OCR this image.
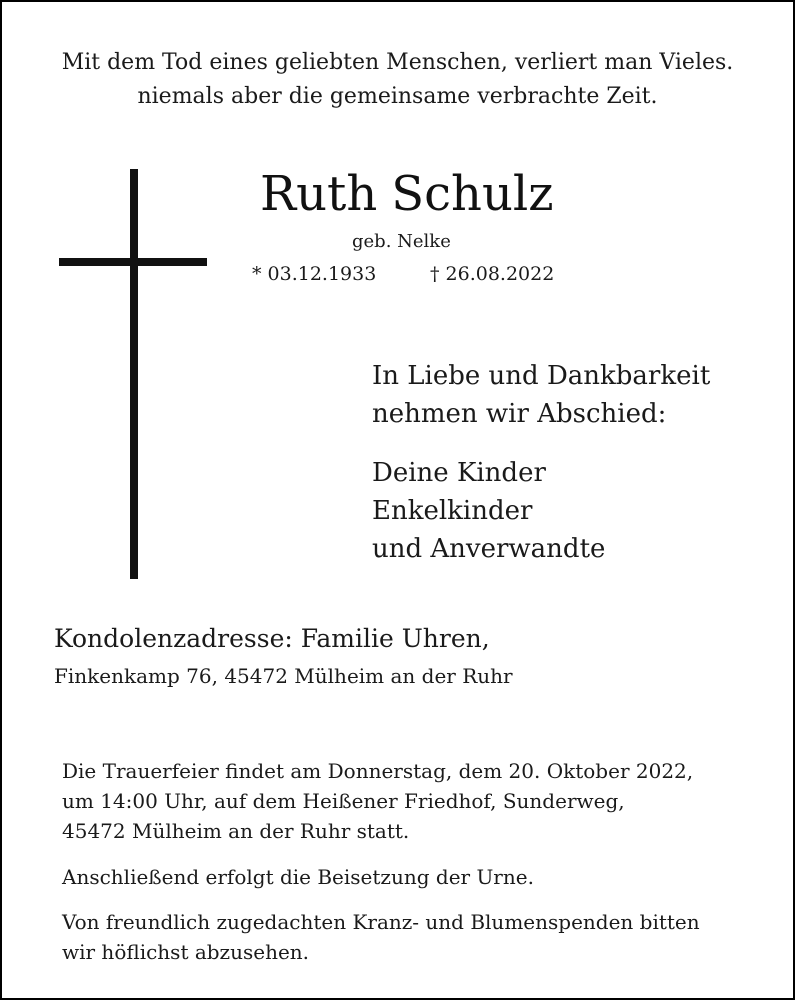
Mit dem Tod eines geliebten Menschen, verliert man Vieles.
niemals aber die gemeinsame verbrachte Zeit.
Ruth Schulz
geb. Nelke
* 03.12.1933	† 26.08.2022
In Liebe und Dankbarkeit
nehmen wir Abschied:
Deine Kinder
Enkelkinder
und Anverwandte
Kondolenzadresse: Familie Uhren,
Finkenkamp 76, 45472 Mülheim an der Ruhr
Die Trauerfeier findet am Donnerstag, dem 20. Oktober 2022,
um 14:00 Uhr, auf dem Heißener Friedhof, Sunderweg,
45472 Mülheim an der Ruhr statt.
Anschließend erfolgt die Beisetzung der Urne.
Von freundlich zugedachten Kranz- und Blumenspenden bitten
wir höflichst abzusehen.
